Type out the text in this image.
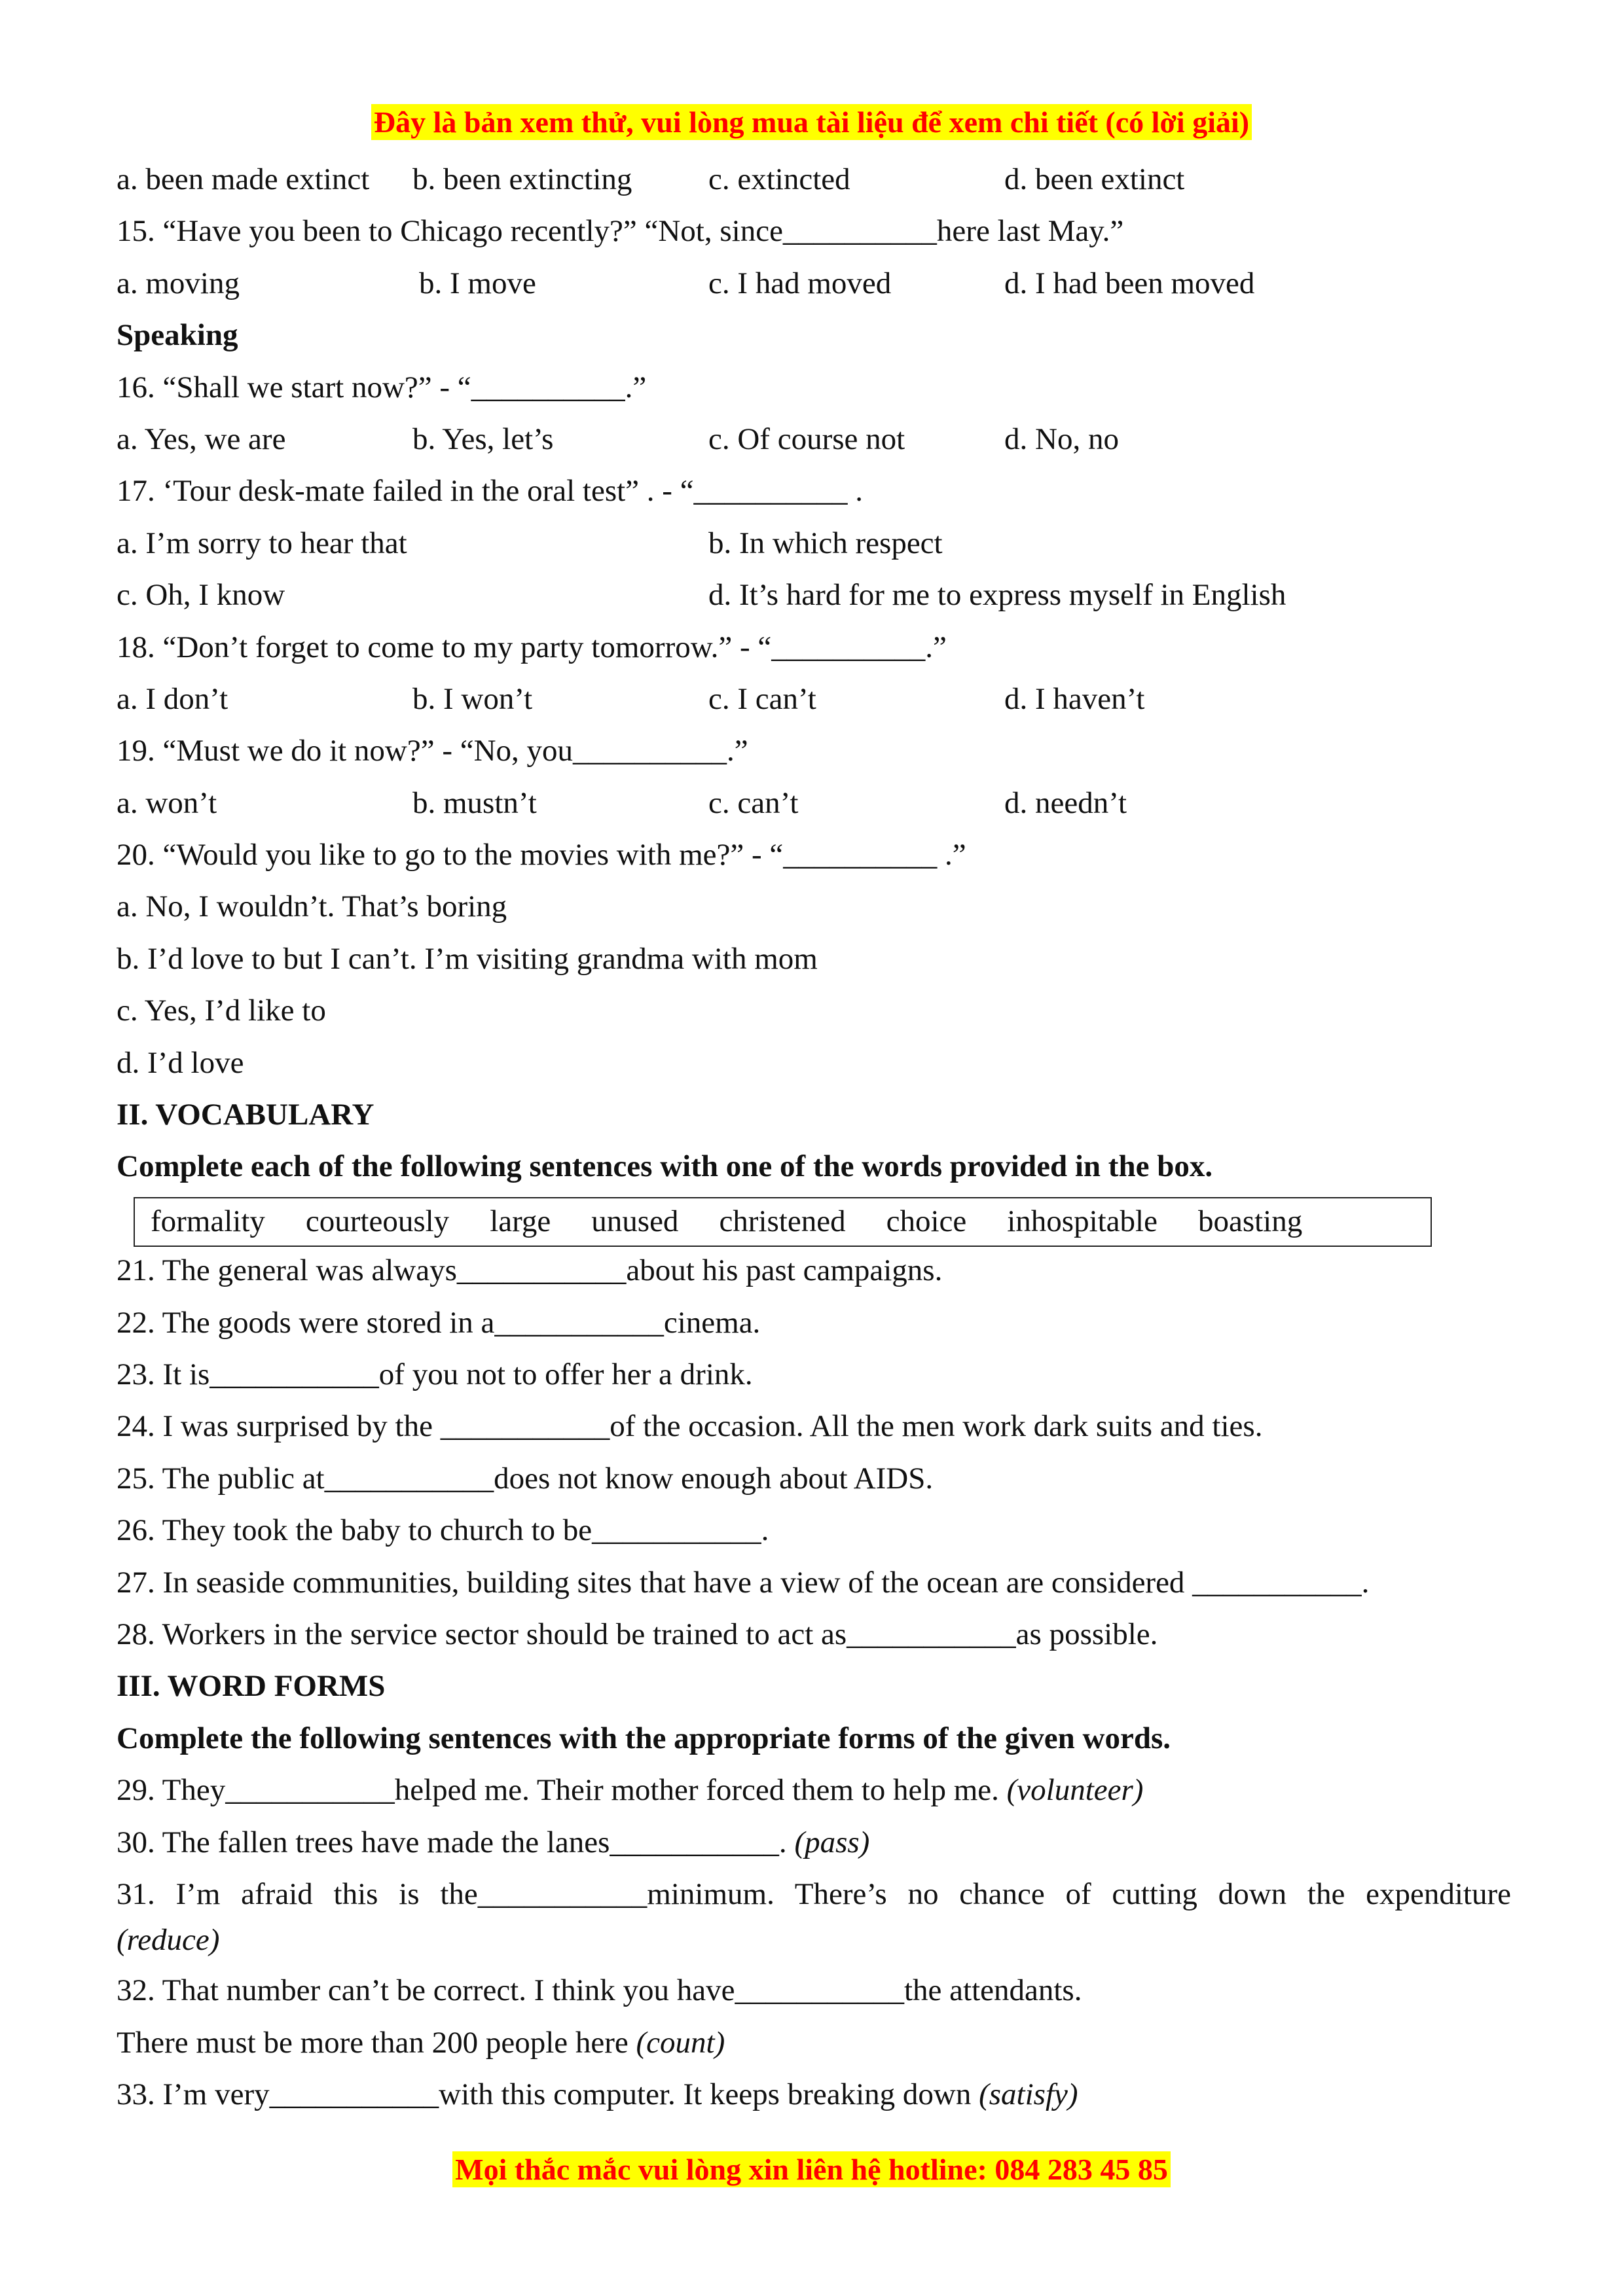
Đây là bản xem thử, vui lòng mua tài liệu để xem chi tiết (có lời giải)
a. been made extinct b. been extincting c. extincted	d. been extinct
15. “Have you been to Chicago recently?” “Not, since__________here last May.”
a. moving	b. I move	c. I had moved	d. I had been moved
Speaking
16. “Shall we start now?” - “__________.”
a. Yes, we are	b. Yes, let’s	c. Of course not	d. No, no
17. ‘Tour desk-mate failed in the oral test” . - “__________ .
a. I’m sorry to hear that	b. In which respect
c. Oh, I know	d. It’s hard for me to express myself in English
18. “Don’t forget to come to my party tomorrow.” - “__________.”
a. I don’t	b. I won’t	c. I can’t	d. I haven’t
19. “Must we do it now?” - “No, you__________.”
a. won’t	b. mustn’t	c. can’t	d. needn’t
20. “Would you like to go to the movies with me?” - “__________ .”
a. No, I wouldn’t. That’s boring
b. I’d love to but I can’t. I’m visiting grandma with mom
c. Yes, I’d like to
d. I’d love
II. VOCABULARY
Complete each of the following sentences with one of the words provided in the box.
formality courteously large unused christened choice inhospitable boasting
21. The general was always___________about his past campaigns.
22. The goods were stored in a___________cinema.
23. It is___________of you not to offer her a drink.
24. I was surprised by the ___________of the occasion. All the men work dark suits and ties.
25. The public at___________does not know enough about AIDS.
26. They took the baby to church to be___________.
27. In seaside communities, building sites that have a view of the ocean are considered ___________.
28. Workers in the service sector should be trained to act as___________as possible.
III. WORD FORMS
Complete the following sentences with the appropriate forms of the given words.
29. They___________helped me. Their mother forced them to help me. (volunteer)
30. The fallen trees have made the lanes___________. (pass)
31. I’m afraid this is the___________minimum. There’s no chance of cutting down the expenditure
(reduce)
32. That number can’t be correct. I think you have___________the attendants.
There must be more than 200 people here (count)
33. I’m very___________with this computer. It keeps breaking down (satisfy)
Mọi thắc mắc vui lòng xin liên hệ hotline: 084 283 45 85
